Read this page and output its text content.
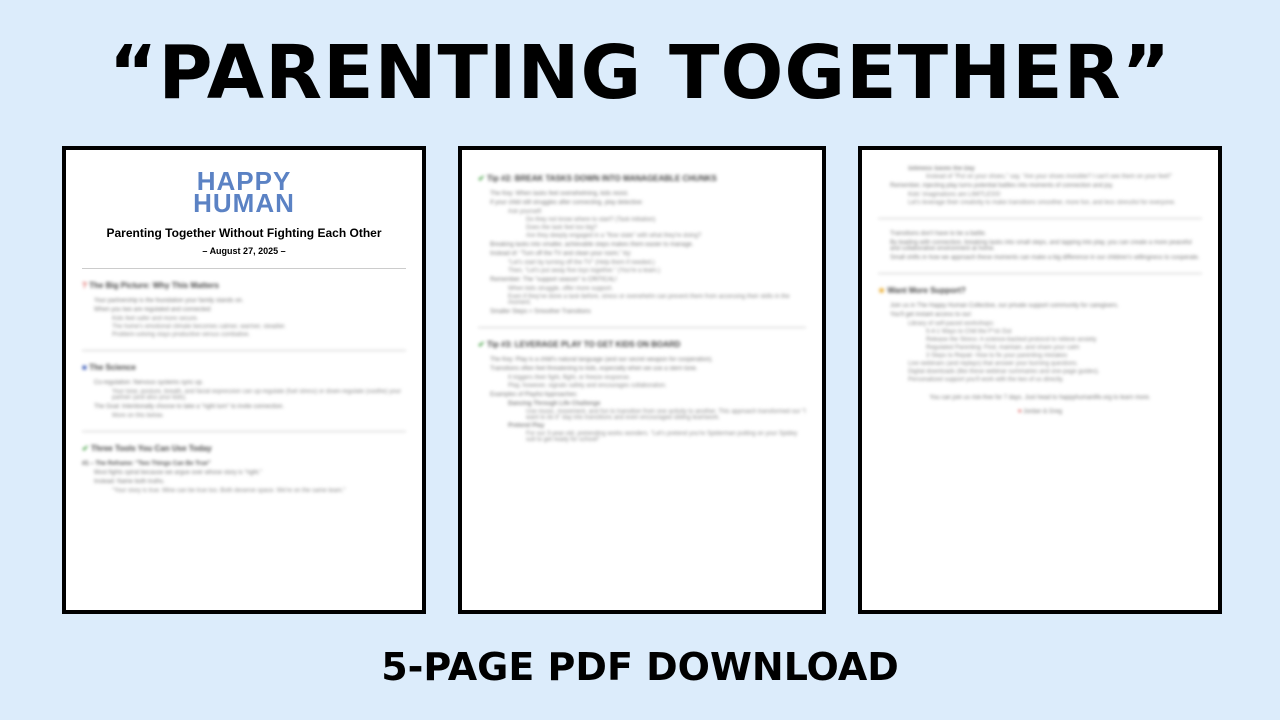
“PARENTING TOGETHER”
HAPPY
HUMAN
Parenting Together Without Fighting Each Other
– August 27, 2025 –
? The Big Picture: Why This Matters
Your partnership is the foundation your family stands on.
When you two are regulated and connected:
Kids feel safer and more secure.
The home's emotional climate becomes calmer, warmer, steadier.
Problem-solving stays productive versus combative.
■ The Science
Co-regulation: Nervous systems sync up.
Your tone, posture, breath, and facial expression can up-regulate (fuel stress) or down-regulate (soothe) your partner (and also your kids).
The Goal: Intentionally choose to take a "right turn" to invite connection.
More on this below.
✔ Three Tools You Can Use Today
#1 – The Reframe: "Two Things Can Be True"
Most fights spiral because we argue over whose story is "right."
Instead: Name both truths.
"Your story is true. Mine can be true too. Both deserve space. We're on the same team."
✔ Tip #2: BREAK TASKS DOWN INTO MANAGEABLE CHUNKS
The Key: When tasks feel overwhelming, kids resist.
If your child still struggles after connecting, play detective:
Ask yourself:
Do they not know where to start? (Task initiation)
Does the task feel too big?
Are they deeply engaged in a "flow state" with what they're doing?
Breaking tasks into smaller, achievable steps makes them easier to manage.
Instead of: "Turn off the TV and clean your room," try:
"Let's start by turning off the TV" (Help them if needed.)
Then, "Let's put away five toys together." (You're a team.)
Remember: The "support season" is CRITICAL!
When kids struggle, offer more support.
Even if they've done a task before, stress or overwhelm can prevent them from accessing their skills in the moment.
Smaller Steps = Smoother Transitions
✔ Tip #3: LEVERAGE PLAY TO GET KIDS ON BOARD
The Key: Play is a child's natural language (and our secret weapon for cooperation).
Transitions often feel threatening to kids, especially when we use a stern tone.
It triggers their fight, flight, or freeze response.
Play, however, signals safety and encourages collaboration.
Examples of Playful Approaches:
Dancing Through Life Challenge
Use music, movement, and fun to transition from one activity to another. This approach transformed our "I want to do it" day into transitions and even encouraged sibling teamwork.
Pretend Play
For our 3-year-old, pretending works wonders. "Let's pretend you're Spiderman putting on your Spidey suit to get ready for school!"
Silliness Saves the Day
Instead of "Put on your shoes," say, "Are your shoes invisible? I can't see them on your feet!"
Remember, injecting play turns potential battles into moments of connection and joy.
Kids' imaginations are LIMITLESS!
Let's leverage their creativity to make transitions smoother, more fun, and less stressful for everyone.
Transitions don't have to be a battle.
By leading with connection, breaking tasks into small steps, and tapping into play, you can create a more peaceful and collaborative environment at home.
Small shifts in how we approach these moments can make a big difference in our children's willingness to cooperate.
★ Want More Support?
Join us in The Happy Human Collective, our private support community for caregivers.
You'll get instant access to our:
Library of self-paced workshops:
5-4-1 Ways to Chill the F*ck Out
Release the Stress: A science-backed protocol to relieve anxiety
Regulated Parenting: Find, maintain, and share your calm
3 Steps to Repair: How to fix your parenting mistakes
Live webinars (and replays) that answer your burning questions.
Digital downloads (like these webinar summaries and one-page guides).
Personalized support you'll work with the two of us directly.
You can join us risk-free for 7 days. Just head to happyhumanlife.org to learn more.
♥ Jordan & Greg
5-PAGE PDF DOWNLOAD
